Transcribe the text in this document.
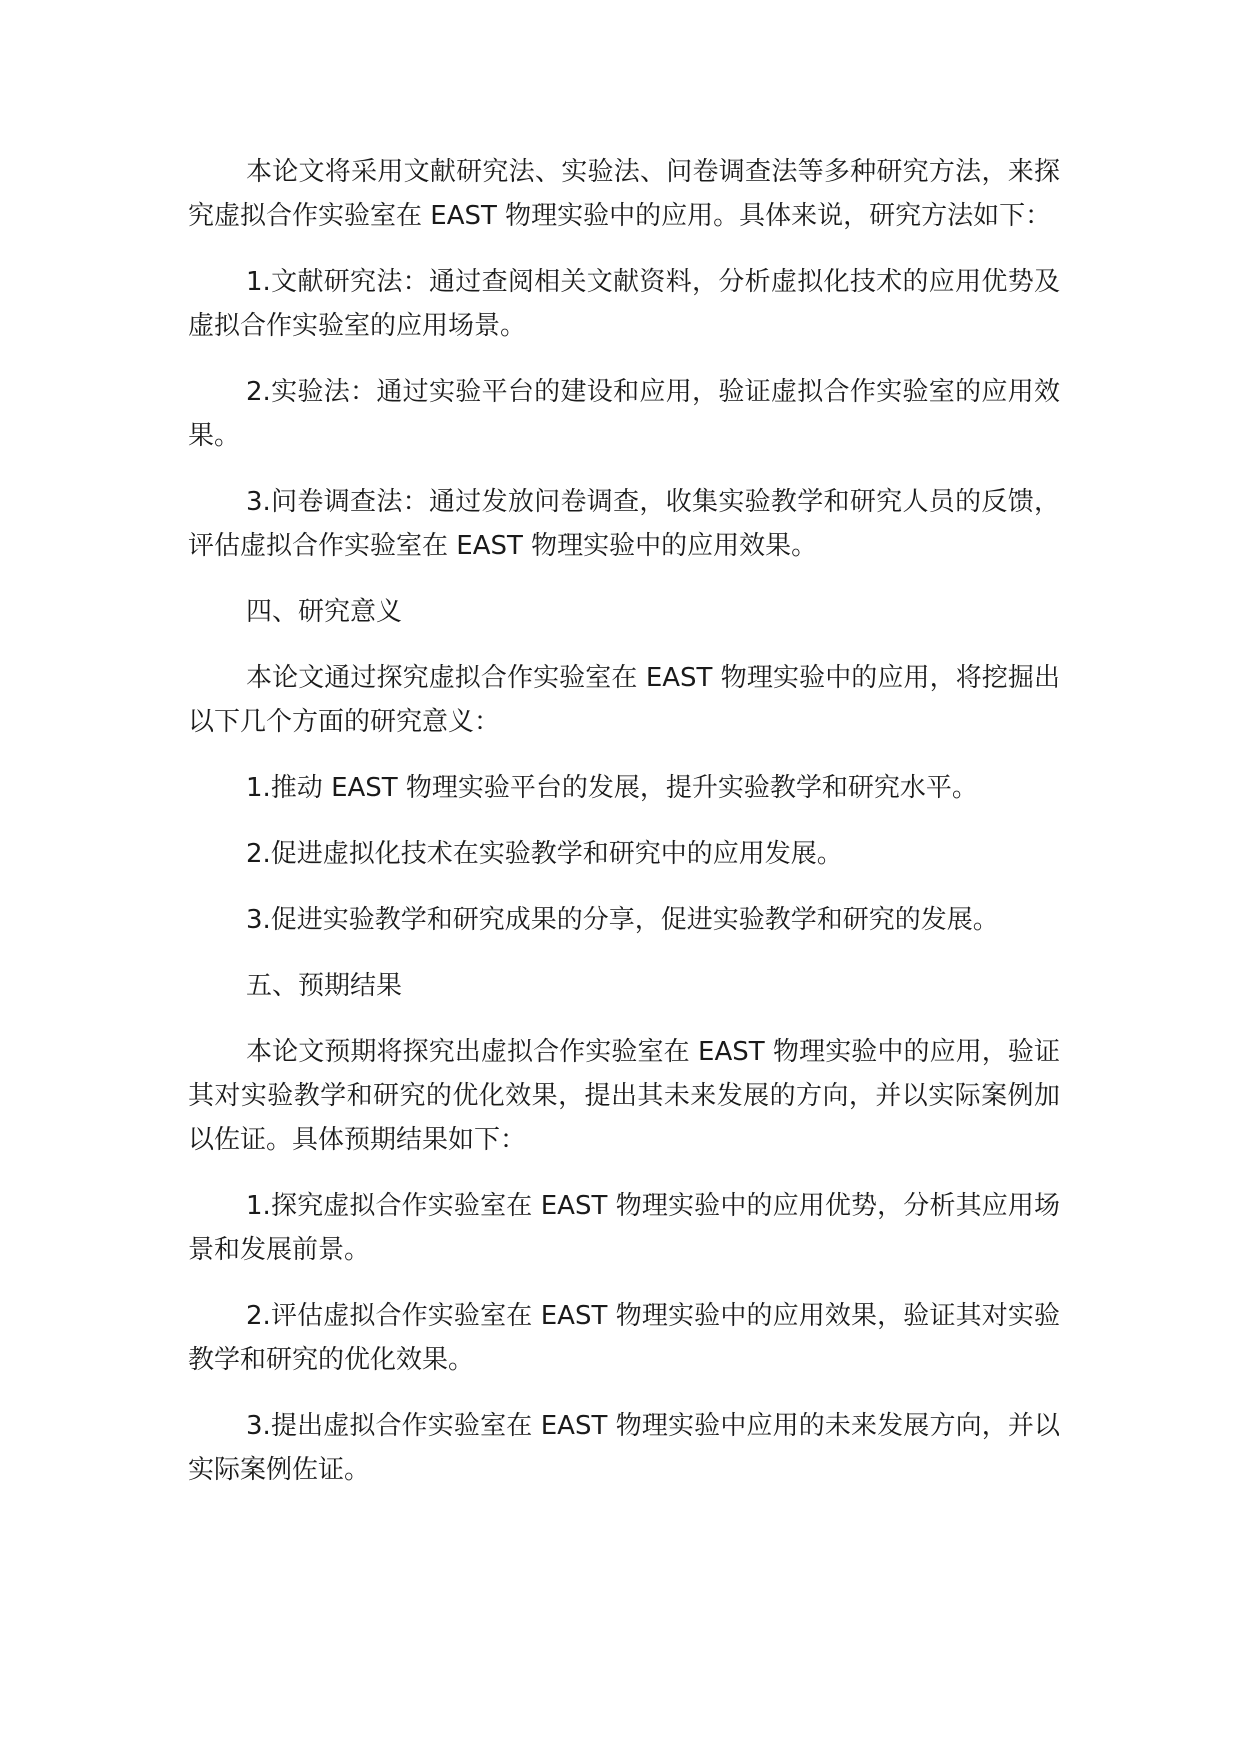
本论文将采用文献研究法、实验法、问卷调查法等多种研究方法，来探究虚拟合作实验室在 EAST 物理实验中的应用。具体来说，研究方法如下：

1.文献研究法：通过查阅相关文献资料，分析虚拟化技术的应用优势及虚拟合作实验室的应用场景。

2.实验法：通过实验平台的建设和应用，验证虚拟合作实验室的应用效果。

3.问卷调查法：通过发放问卷调查，收集实验教学和研究人员的反馈，评估虚拟合作实验室在 EAST 物理实验中的应用效果。

四、研究意义

本论文通过探究虚拟合作实验室在 EAST 物理实验中的应用，将挖掘出以下几个方面的研究意义：

1.推动 EAST 物理实验平台的发展，提升实验教学和研究水平。

2.促进虚拟化技术在实验教学和研究中的应用发展。

3.促进实验教学和研究成果的分享，促进实验教学和研究的发展。

五、预期结果

本论文预期将探究出虚拟合作实验室在 EAST 物理实验中的应用，验证其对实验教学和研究的优化效果，提出其未来发展的方向，并以实际案例加以佐证。具体预期结果如下：

1.探究虚拟合作实验室在 EAST 物理实验中的应用优势，分析其应用场景和发展前景。

2.评估虚拟合作实验室在 EAST 物理实验中的应用效果，验证其对实验教学和研究的优化效果。

3.提出虚拟合作实验室在 EAST 物理实验中应用的未来发展方向，并以实际案例佐证。
